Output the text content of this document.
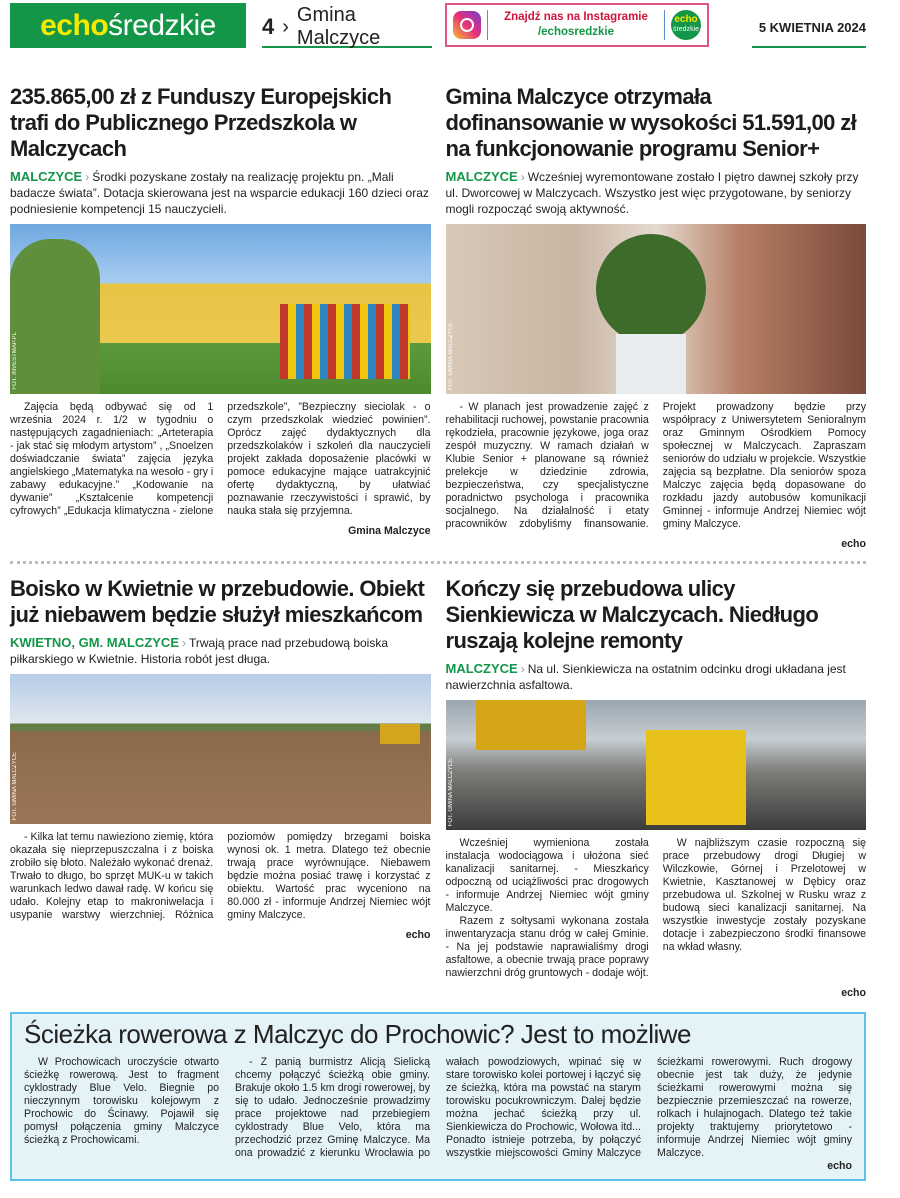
echo średzkie 4 ›
Gmina Malczyce
Znajdź nas na Instagramie
/echosredzkie
echo
średzkie	5 KWIETNIA 2024
235.865,00 zł z Funduszy Europejskich trafi do Publicznego Przedszkola w Malczycach
MALCZYCE › Środki pozyskane zostały na realizację projektu pn. „Mali badacze świata”. Dotacja skierowana jest na wsparcie edukacji 160 dzieci oraz podniesienie kompetencji 15 nauczycieli.
FOT. INVESTMAP.PL

Zajęcia będą odbywać się od 1 września 2024 r. 1/2 w tygodniu o następujących zagadnieniach: „Arteterapia - jak stać się młodym artystom” , „Snoelzen doświadczanie świata” zajęcia języka angielskiego „Matematyka na wesoło - gry i zabawy edukacyjne.” „Kodowanie na dywanie” „Kształcenie kompetencji cyfrowych” „Edukacja klimatyczna - zielone przedszkole”, ”Bezpieczny sieciolak - o czym przedszkolak wiedzieć powinien”. Oprócz zajęć dydaktycznych dla przedszkolaków i szkoleń dla nauczycieli projekt zakłada doposażenie placówki w pomoce edukacyjne mające uatrakcyjnić ofertę dydaktyczną, by ułatwiać poznawanie rzeczywistości i sprawić, by nauka stała się przyjemna.

Gmina Malczyce
Gmina Malczyce otrzymała dofinansowanie w wysokości 51.591,00 zł na funkcjonowanie programu Senior+
MALCZYCE › Wcześniej wyremontowane zostało I piętro dawnej szkoły przy ul. Dworcowej w Malczycach. Wszystko jest więc przygotowane, by seniorzy mogli rozpocząć swoją aktywność.
FOT. GMINA MALCZYCE

- W planach jest prowadzenie zajęć z rehabilitacji ruchowej, powstanie pracownia rękodzieła, pracownie językowe, joga oraz zespół muzyczny. W ramach działań w Klubie Senior + planowane są również prelekcje w dziedzinie zdrowia, bezpieczeństwa, czy specjalistyczne poradnictwo psychologa i pracownika socjalnego. Na działalność i etaty pracowników zdobyliśmy finansowanie. Projekt prowadzony będzie przy współpracy z Uniwersytetem Senioralnym oraz Gminnym Ośrodkiem Pomocy społecznej w Malczycach. Zapraszam seniorów do udziału w projekcie. Wszystkie zajęcia są bezpłatne. Dla seniorów spoza Malczyc zajęcia będą dopasowane do rozkładu jazdy autobusów komunikacji Gminnej - informuje Andrzej Niemiec wójt gminy Malczyce.

echo
Boisko w Kwietnie w przebudowie. Obiekt już niebawem będzie służył mieszkańcom
KWIETNO, GM. MALCZYCE › Trwają prace nad przebudową boiska piłkarskiego w Kwietnie. Historia robót jest długa.
FOT. GMINA MALCZYCE

- Kilka lat temu nawieziono ziemię, która okazała się nieprzepuszczalna i z boiska zrobiło się błoto. Należało wykonać drenaż. Trwało to długo, bo sprzęt MUK-u w takich warunkach ledwo dawał radę. W końcu się udało. Kolejny etap to makroniwelacja i usypanie warstwy wierzchniej. Różnica poziomów pomiędzy brzegami boiska wynosi ok. 1 metra. Dlatego też obecnie trwają prace wyrównujące. Niebawem będzie można posiać trawę i korzystać z obiektu. Wartość prac wyceniono na 80.000 zł - informuje Andrzej Niemiec wójt gminy Malczyce.

echo
Kończy się przebudowa ulicy Sienkiewicza w Malczycach. Niedługo ruszają kolejne remonty
MALCZYCE › Na ul. Sienkiewicza na ostatnim odcinku drogi układana jest nawierzchnia asfaltowa.
FOT. GMINA MALCZYCE

Wcześniej wymieniona została instalacja wodociągowa i ułożona sieć kanalizacji sanitarnej. - Mieszkańcy odpoczną od uciążliwości prac drogowych - informuje Andrzej Niemiec wójt gminy Malczyce.

Razem z sołtysami wykonana została inwentaryzacja stanu dróg w całej Gminie. - Na jej podstawie naprawialiśmy drogi asfaltowe, a obecnie trwają prace poprawy nawierzchni dróg gruntowych - dodaje wójt.

W najbliższym czasie rozpoczną się prace przebudowy drogi Długiej w Wilczkowie, Górnej i Przelotowej w Kwietnie, Kasztanowej w Dębicy oraz przebudowa ul. Szkolnej w Rusku wraz z budową sieci kanalizacji sanitarnej. Na wszystkie inwestycje zostały pozyskane dotacje i zabezpieczono środki finansowe na wkład własny.

echo
Ścieżka rowerowa z Malczyc do Prochowic? Jest to możliwe

W Prochowicach uroczyście otwarto ścieżkę rowerową. Jest to fragment cyklostrady Blue Velo. Biegnie po nieczynnym torowisku kolejowym z Prochowic do Ścinawy. Pojawił się pomysł połączenia gminy Malczyce ścieżką z Prochowicami.

- Z panią burmistrz Alicją Sielicką chcemy połączyć ścieżką obie gminy. Brakuje około 1.5 km drogi rowerowej, by się to udało. Jednocześnie prowadzimy prace projektowe nad przebiegiem cyklostrady Blue Velo, która ma przechodzić przez Gminę Malczyce. Ma ona prowadzić z kierunku Wrocławia po wałach powodziowych, wpinać się w stare torowisko kolei portowej i łączyć się ze ścieżką, która ma powstać na starym torowisku pocukrowniczym. Dalej będzie można jechać ścieżką przy ul. Sienkiewicza do Prochowic, Wołowa itd... Ponadto istnieje potrzeba, by połączyć wszystkie miejscowości Gminy Malczyce ścieżkami rowerowymi. Ruch drogowy obecnie jest tak duży, że jedynie ścieżkami rowerowymi można się bezpiecznie przemieszczać na rowerze, rolkach i hulajnogach. Dlatego też takie projekty traktujemy priorytetowo - informuje Andrzej Niemiec wójt gminy Malczyce.

echo
